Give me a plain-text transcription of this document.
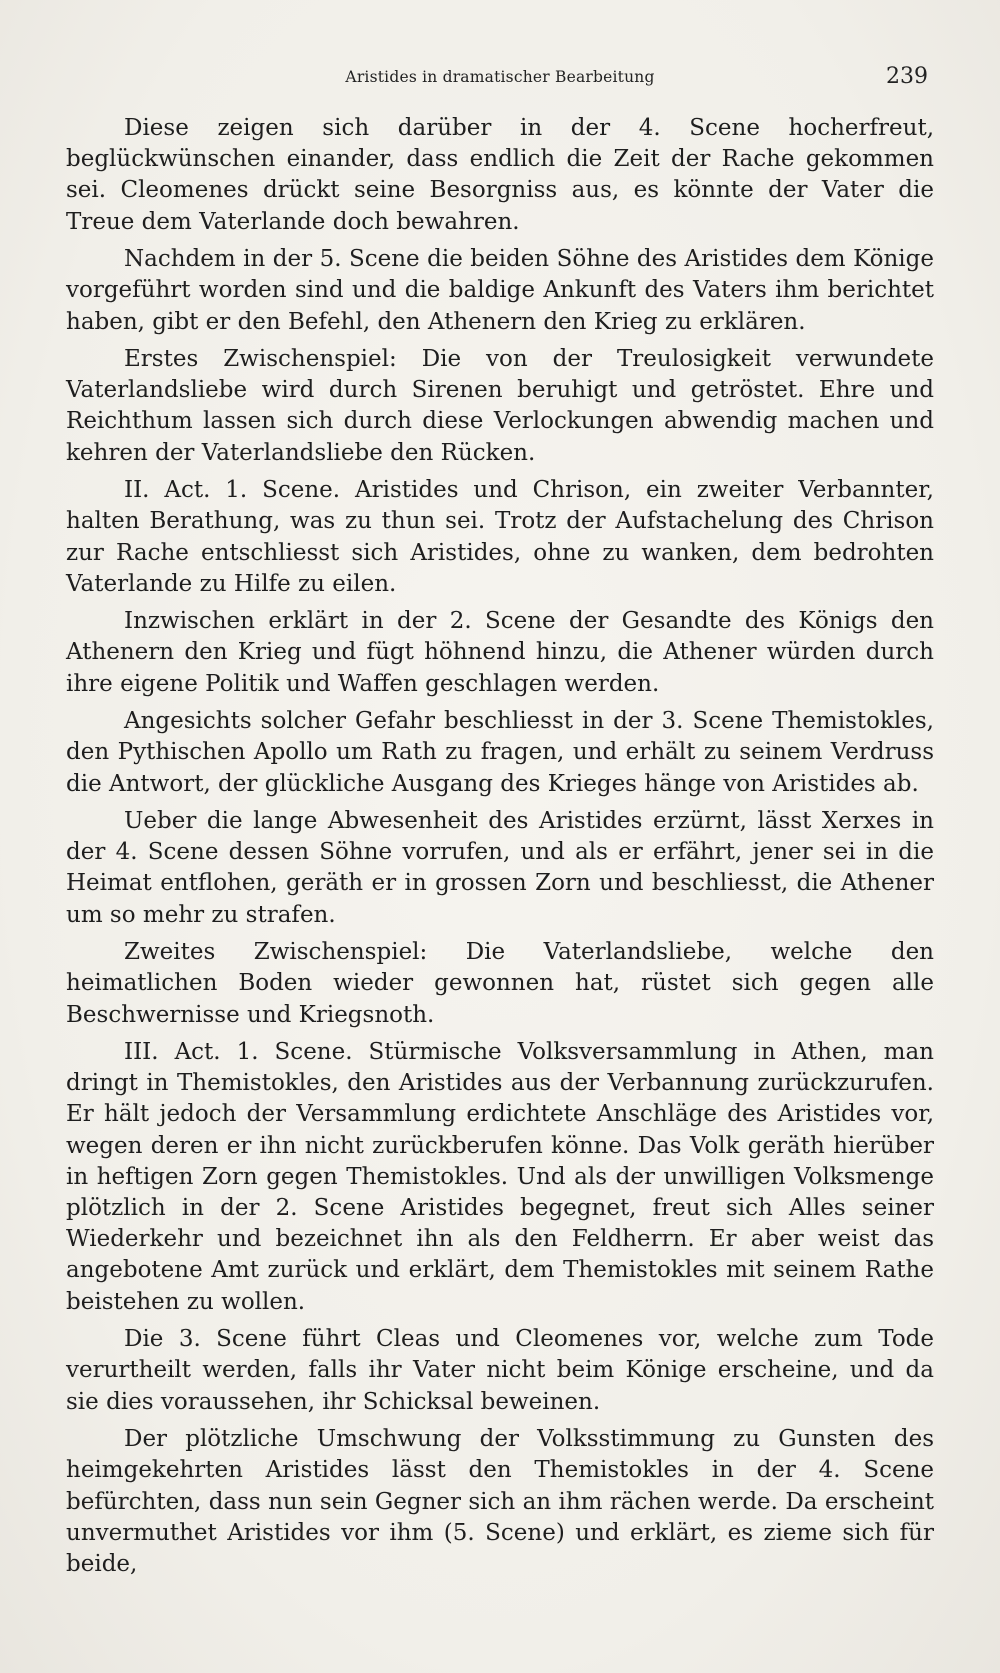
Aristides in dramatischer Bearbeitung	239

Diese zeigen sich darüber in der 4. Scene hocherfreut, beglückwünschen einander, dass endlich die Zeit der Rache gekommen sei. Cleomenes drückt seine Besorgniss aus, es könnte der Vater die Treue dem Vaterlande doch bewahren.

Nachdem in der 5. Scene die beiden Söhne des Aristides dem Könige vorgeführt worden sind und die baldige Ankunft des Vaters ihm berichtet haben, gibt er den Befehl, den Athenern den Krieg zu erklären.

Erstes Zwischenspiel: Die von der Treulosigkeit verwundete Vaterlandsliebe wird durch Sirenen beruhigt und getröstet. Ehre und Reichthum lassen sich durch diese Verlockungen abwendig machen und kehren der Vaterlandsliebe den Rücken.

II. Act. 1. Scene. Aristides und Chrison, ein zweiter Verbannter, halten Berathung, was zu thun sei. Trotz der Aufstachelung des Chrison zur Rache entschliesst sich Aristides, ohne zu wanken, dem bedrohten Vaterlande zu Hilfe zu eilen.

Inzwischen erklärt in der 2. Scene der Gesandte des Königs den Athenern den Krieg und fügt höhnend hinzu, die Athener würden durch ihre eigene Politik und Waffen geschlagen werden.

Angesichts solcher Gefahr beschliesst in der 3. Scene Themistokles, den Pythischen Apollo um Rath zu fragen, und erhält zu seinem Verdruss die Antwort, der glückliche Ausgang des Krieges hänge von Aristides ab.

Ueber die lange Abwesenheit des Aristides erzürnt, lässt Xerxes in der 4. Scene dessen Söhne vorrufen, und als er erfährt, jener sei in die Heimat entflohen, geräth er in grossen Zorn und beschliesst, die Athener um so mehr zu strafen.

Zweites Zwischenspiel: Die Vaterlandsliebe, welche den heimatlichen Boden wieder gewonnen hat, rüstet sich gegen alle Beschwernisse und Kriegsnoth.

III. Act. 1. Scene. Stürmische Volksversammlung in Athen, man dringt in Themistokles, den Aristides aus der Verbannung zurückzurufen. Er hält jedoch der Versammlung erdichtete Anschläge des Aristides vor, wegen deren er ihn nicht zurückberufen könne. Das Volk geräth hierüber in heftigen Zorn gegen Themistokles. Und als der unwilligen Volksmenge plötzlich in der 2. Scene Aristides begegnet, freut sich Alles seiner Wiederkehr und bezeichnet ihn als den Feldherrn. Er aber weist das angebotene Amt zurück und erklärt, dem Themistokles mit seinem Rathe beistehen zu wollen.

Die 3. Scene führt Cleas und Cleomenes vor, welche zum Tode verurtheilt werden, falls ihr Vater nicht beim Könige erscheine, und da sie dies voraussehen, ihr Schicksal beweinen.

Der plötzliche Umschwung der Volksstimmung zu Gunsten des heimgekehrten Aristides lässt den Themistokles in der 4. Scene befürchten, dass nun sein Gegner sich an ihm rächen werde. Da erscheint unvermuthet Aristides vor ihm (5. Scene) und erklärt, es zieme sich für beide,
